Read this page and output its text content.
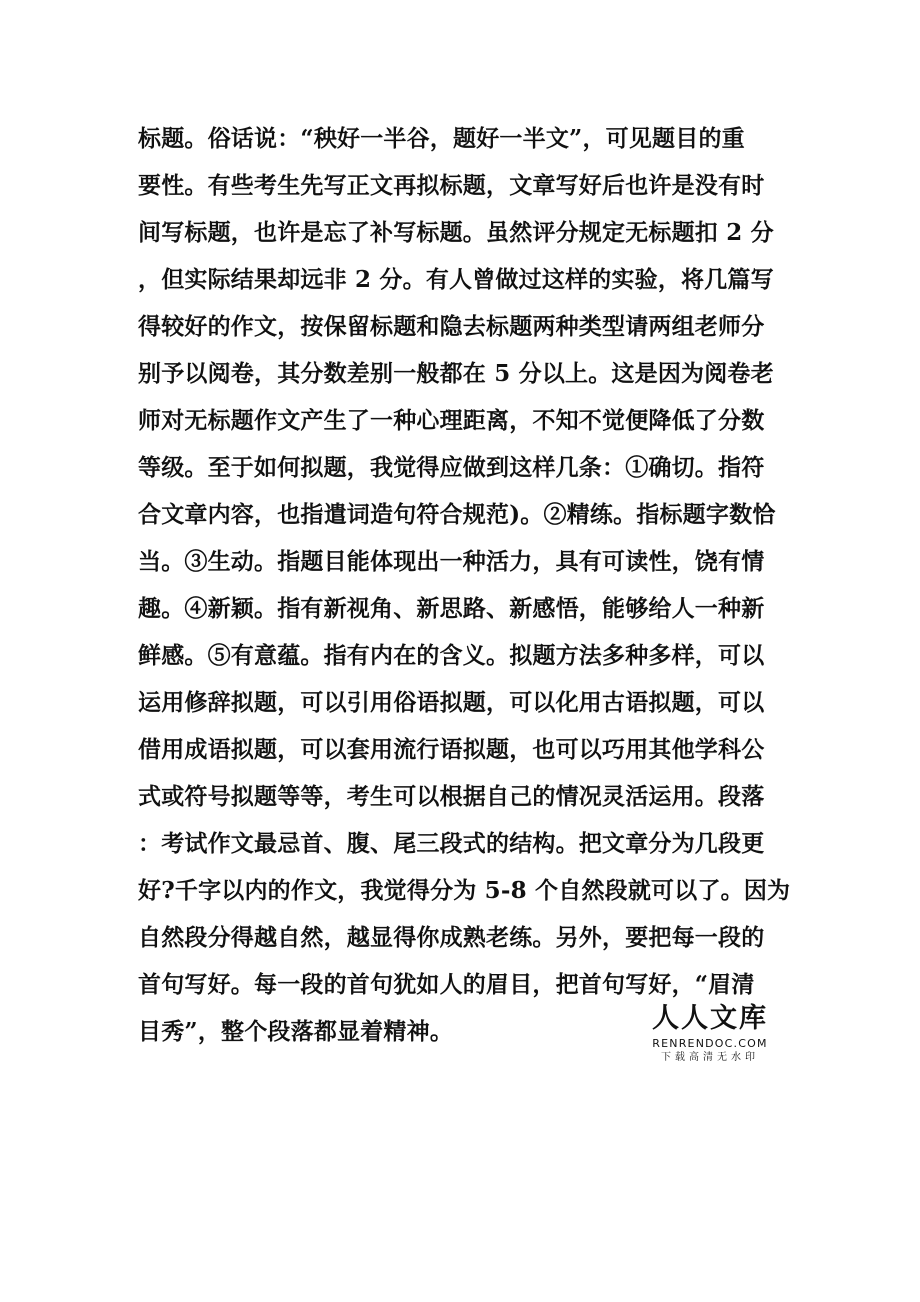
标题。俗话说：“秧好一半谷，题好一半文”，可见题目的重
要性。有些考生先写正文再拟标题，文章写好后也许是没有时
间写标题，也许是忘了补写标题。虽然评分规定无标题扣 2 分
，但实际结果却远非 2 分。有人曾做过这样的实验，将几篇写
得较好的作文，按保留标题和隐去标题两种类型请两组老师分
别予以阅卷，其分数差别一般都在 5 分以上。这是因为阅卷老
师对无标题作文产生了一种心理距离，不知不觉便降低了分数
等级。至于如何拟题，我觉得应做到这样几条：①确切。指符
合文章内容，也指遣词造句符合规范)。②精练。指标题字数恰
当。③生动。指题目能体现出一种活力，具有可读性，饶有情
趣。④新颖。指有新视角、新思路、新感悟，能够给人一种新
鲜感。⑤有意蕴。指有内在的含义。拟题方法多种多样，可以
运用修辞拟题，可以引用俗语拟题，可以化用古语拟题，可以
借用成语拟题，可以套用流行语拟题，也可以巧用其他学科公
式或符号拟题等等，考生可以根据自己的情况灵活运用。段落
：考试作文最忌首、腹、尾三段式的结构。把文章分为几段更
好?千字以内的作文，我觉得分为 5-8 个自然段就可以了。因为
自然段分得越自然，越显得你成熟老练。另外，要把每一段的
首句写好。每一段的首句犹如人的眉目，把首句写好，“眉清
目秀”，整个段落都显着精神。	人人文库
RENRENDOC.COM
下载高清无水印
